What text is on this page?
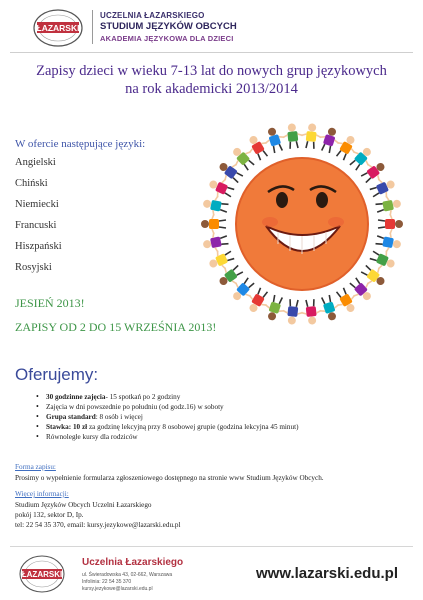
ŁAZARSKI
UCZELNIA ŁAZARSKIEGO
STUDIUM JĘZYKÓW OBCYCH
AKADEMIA JĘZYKOWA DLA DZIECI
Zapisy dzieci w wieku 7-13 lat do nowych grup językowych
na rok akademicki 2013/2014
W ofercie następujące języki:
Angielski
Chiński
Niemiecki
Francuski
Hiszpański
Rosyjski
JESIEŃ 2013!
ZAPISY OD 2 DO 15 WRZEŚNIA 2013!
Oferujemy:
• 30 godzinne zajęcia- 15 spotkań po 2 godziny
• Zajęcia w dni powszednie po południu (od godz.16) w soboty
• Grupa standard: 8 osób i więcej
• Stawka: 10 zł za godzinę lekcyjną przy 8 osobowej grupie (godzina lekcyjna 45 minut)
• Równoległe kursy dla rodziców
Forma zapisu:
Prosimy o wypełnienie formularza zgłoszeniowego dostępnego na stronie www Studium Języków Obcych.
Więcej informacji:
Studium Języków Obcych Uczelni Łazarskiego
pokój 132, sektor D, Ip.
tel: 22 54 35 370, email: kursy.jezykowe@lazarski.edu.pl
ŁAZARSKI
Uczelnia Łazarskiego
ul. Świeradowska 43, 02-662, Warszawa
Infolinia: 22 54 35 370
kursy.jezykowe@lazarski.edu.pl
www.lazarski.edu.pl
